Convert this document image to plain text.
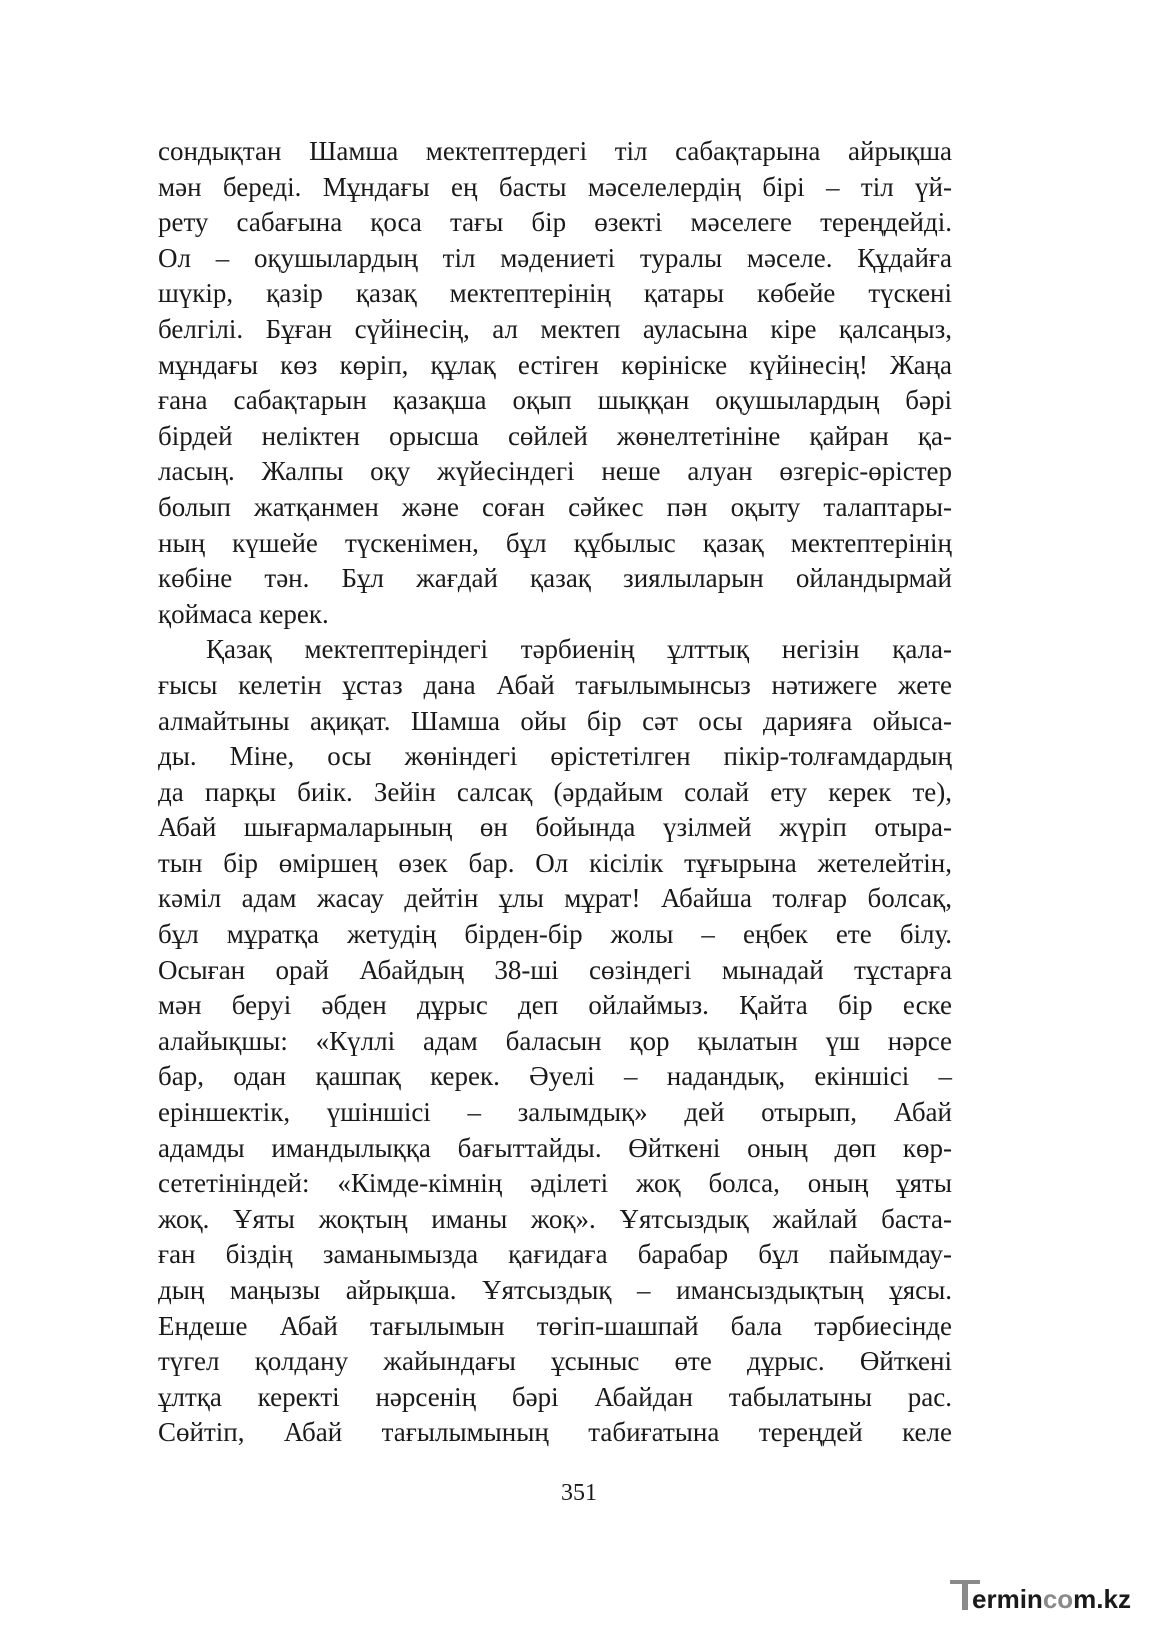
сондықтан Шамша мектептердегі тіл сабақтарына айрықша
мән береді. Мұндағы ең басты мәселелердің бірі – тіл үй-
рету сабағына қоса тағы бір өзекті мәселеге тереңдейді.
Ол – оқушылардың тіл мәдениеті туралы мәселе. Құдайға
шүкір, қазір қазақ мектептерінің қатары көбейе түскені
белгілі. Бұған сүйінесің, ал мектеп ауласына кіре қалсаңыз,
мұндағы көз көріп, құлақ естіген көрініске күйінесің! Жаңа
ғана сабақтарын қазақша оқып шыққан оқушылардың бәрі
бірдей неліктен орысша сөйлей жөнелтетініне қайран қа-
ласың. Жалпы оқу жүйесіндегі неше алуан өзгеріс-өрістер
болып жатқанмен және соған сәйкес пән оқыту талаптары-
ның күшейе түскенімен, бұл құбылыс қазақ мектептерінің
көбіне тән. Бұл жағдай қазақ зиялыларын ойландырмай
қоймаса керек.
Қазақ мектептеріндегі тәрбиенің ұлттық негізін қала-
ғысы келетін ұстаз дана Абай тағылымынсыз нәтижеге жете
алмайтыны ақиқат. Шамша ойы бір сәт осы дарияға ойыса-
ды. Міне, осы жөніндегі өрістетілген пікір-толғамдардың
да парқы биік. Зейін салсақ (әрдайым солай ету керек те),
Абай шығармаларының өн бойында үзілмей жүріп отыра-
тын бір өміршең өзек бар. Ол кісілік тұғырына жетелейтін,
кәміл адам жасау дейтін ұлы мұрат! Абайша толғар болсақ,
бұл мұратқа жетудің бірден-бір жолы – еңбек ете білу.
Осыған орай Абайдың 38-ші сөзіндегі мынадай тұстарға
мән беруі әбден дұрыс деп ойлаймыз. Қайта бір еске
алайықшы: «Күллі адам баласын қор қылатын үш нәрсе
бар, одан қашпақ керек. Әуелі – надандық, екіншісі –
еріншектік, үшіншісі – залымдық» дей отырып, Абай
адамды имандылыққа бағыттайды. Өйткені оның дөп көр-
сететініндей: «Кімде-кімнің әділеті жоқ болса, оның ұяты
жоқ. Ұяты жоқтың иманы жоқ». Ұятсыздық жайлай баста-
ған біздің заманымызда қағидаға барабар бұл пайымдау-
дың маңызы айрықша. Ұятсыздық – имансыздықтың ұясы.
Ендеше Абай тағылымын төгіп-шашпай бала тәрбиесінде
түгел қолдану жайындағы ұсыныс өте дұрыс. Өйткені
ұлтқа керекті нәрсенің бәрі Абайдан табылатыны рас.
Сөйтіп, Абай тағылымының табиғатына тереңдей келе
351
ermincom.kz
